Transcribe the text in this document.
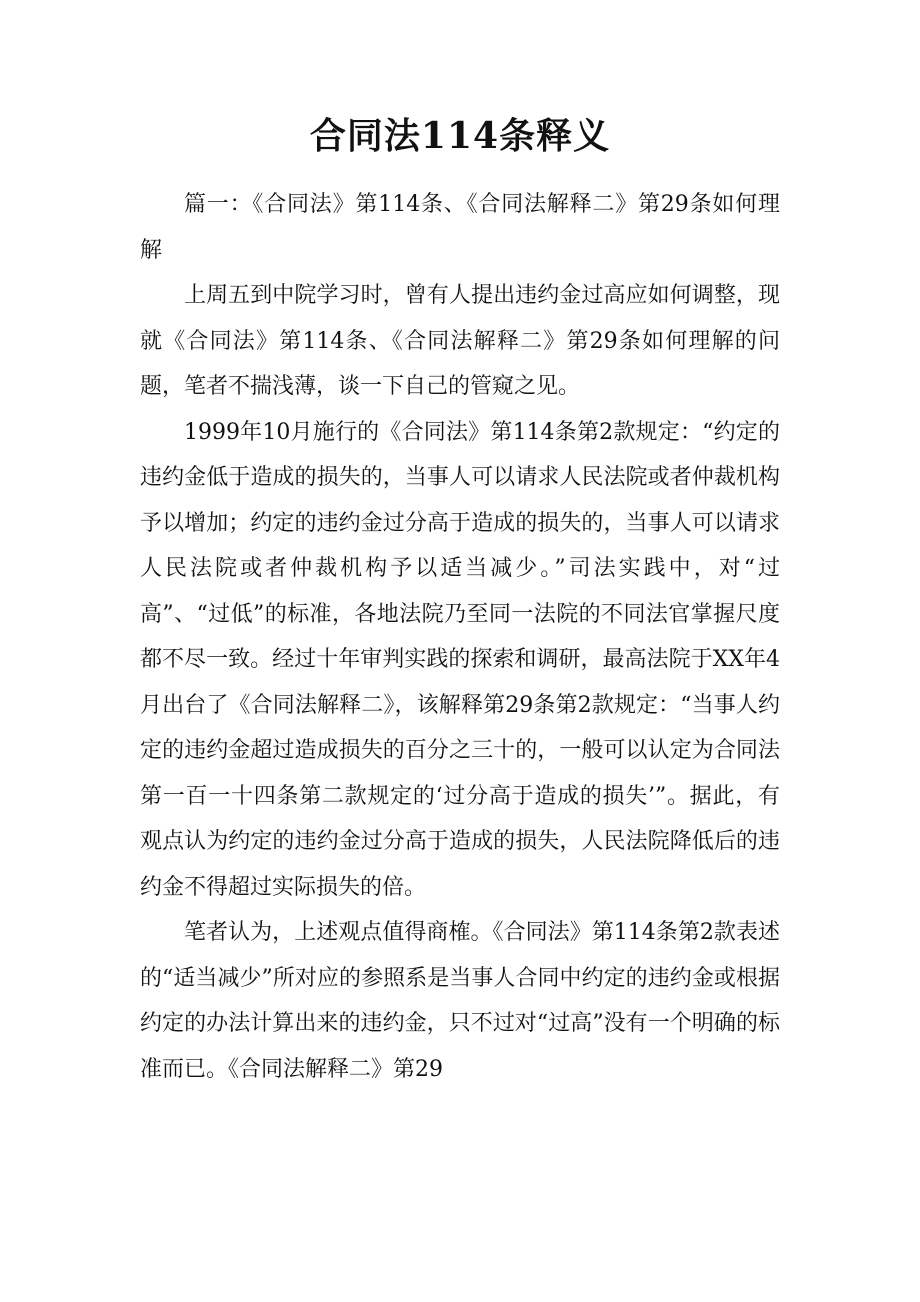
合同法114条释义

篇一：《合同法》第114条、《合同法解释二》第29条如何理解

上周五到中院学习时，曾有人提出违约金过高应如何调整，现就《合同法》第114条、《合同法解释二》第29条如何理解的问题，笔者不揣浅薄，谈一下自己的管窥之见。

1999年10月施行的《合同法》第114条第2款规定：“约定的违约金低于造成的损失的，当事人可以请求人民法院或者仲裁机构予以增加；约定的违约金过分高于造成的损失的，当事人可以请求人民法院或者仲裁机构予以适当减少。”司法实践中，对“过高”、“过低”的标准，各地法院乃至同一法院的不同法官掌握尺度都不尽一致。经过十年审判实践的探索和调研，最高法院于XX年4月出台了《合同法解释二》，该解释第29条第2款规定：“当事人约定的违约金超过造成损失的百分之三十的，一般可以认定为合同法第一百一十四条第二款规定的‘过分高于造成的损失’”。据此，有观点认为约定的违约金过分高于造成的损失，人民法院降低后的违约金不得超过实际损失的倍。

笔者认为，上述观点值得商榷。《合同法》第114条第2款表述的“适当减少”所对应的参照系是当事人合同中约定的违约金或根据约定的办法计算出来的违约金，只不过对“过高”没有一个明确的标准而已。《合同法解释二》第29
